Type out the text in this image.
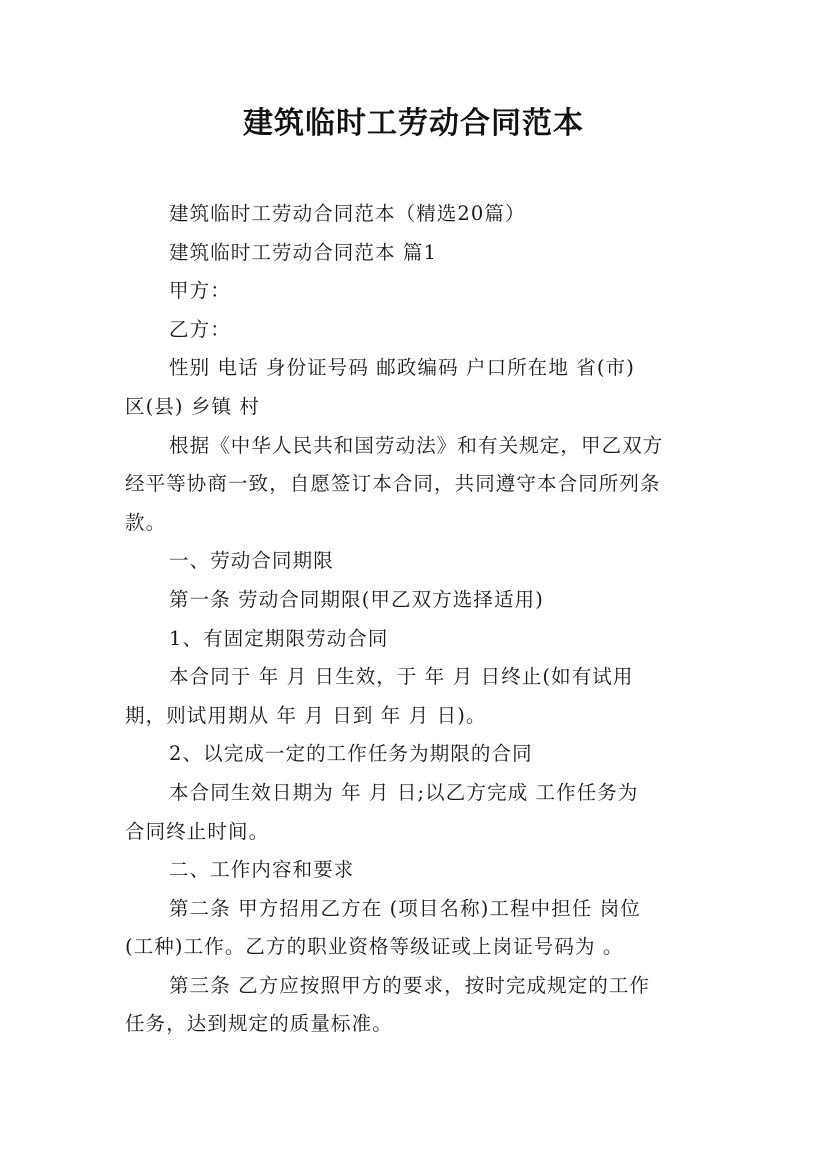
建筑临时工劳动合同范本
建筑临时工劳动合同范本（精选20篇）
建筑临时工劳动合同范本 篇1
甲方：
乙方：
性别 电话 身份证号码 邮政编码 户口所在地 省(市)
区(县) 乡镇 村
根据《中华人民共和国劳动法》和有关规定，甲乙双方
经平等协商一致，自愿签订本合同，共同遵守本合同所列条
款。
一、劳动合同期限
第一条 劳动合同期限(甲乙双方选择适用)
1、有固定期限劳动合同
本合同于 年 月 日生效，于 年 月 日终止(如有试用
期，则试用期从 年 月 日到 年 月 日)。
2、以完成一定的工作任务为期限的合同
本合同生效日期为 年 月 日;以乙方完成 工作任务为
合同终止时间。
二、工作内容和要求
第二条 甲方招用乙方在 (项目名称)工程中担任 岗位
(工种)工作。乙方的职业资格等级证或上岗证号码为 。
第三条 乙方应按照甲方的要求，按时完成规定的工作
任务，达到规定的质量标准。
